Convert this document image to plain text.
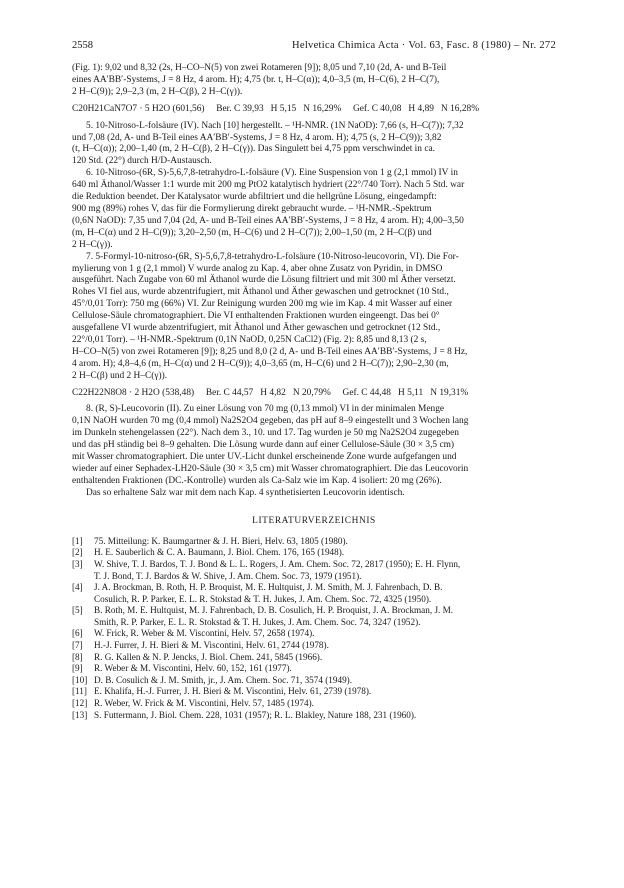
2558	Helvetica Chimica Acta · Vol. 63, Fasc. 8 (1980) – Nr. 272
(Fig. 1): 9,02 und 8,32 (2s, H–CO–N(5) von zwei Rotameren [9]); 8,05 und 7,10 (2d, A- und B-Teil
eines AA′BB′-Systems, J = 8 Hz, 4 arom. H); 4,75 (br. t, H–C(α)); 4,0–3,5 (m, H–C(6), 2 H–C(7),
2 H–C(9)); 2,9–2,3 (m, 2 H–C(β), 2 H–C(γ)).
C20H21CaN7O7 · 5 H2O (601,56)     Ber. C 39,93   H 5,15   N 16,29%     Gef. C 40,08   H 4,89   N 16,28%
5. 10-Nitroso-L-folsäure (IV). Nach [10] hergestellt. – ¹H-NMR. (1N NaOD): 7,66 (s, H–C(7)); 7,32
und 7,08 (2d, A- und B-Teil eines AA′BB′-Systems, J = 8 Hz, 4 arom. H); 4,75 (s, 2 H–C(9)); 3,82
(t, H–C(α)); 2,00–1,40 (m, 2 H–C(β), 2 H–C(γ)). Das Singulett bei 4,75 ppm verschwindet in ca.
120 Std. (22°) durch H/D-Austausch.
6. 10-Nitroso-(6R, S)-5,6,7,8-tetrahydro-L-folsäure (V). Eine Suspension von 1 g (2,1 mmol) IV in
640 ml Äthanol/Wasser 1:1 wurde mit 200 mg PtO2 katalytisch hydriert (22°/740 Torr). Nach 5 Std. war
die Reduktion beendet. Der Katalysator wurde abfiltriert und die hellgrüne Lösung, eingedampft:
900 mg (89%) rohes V, das für die Formylierung direkt gebraucht wurde. – ¹H-NMR.-Spektrum
(0,6N NaOD): 7,35 und 7,04 (2d, A- und B-Teil eines AA′BB′-Systems, J = 8 Hz, 4 arom. H); 4,00–3,50
(m, H–C(α) und 2 H–C(9)); 3,20–2,50 (m, H–C(6) und 2 H–C(7)); 2,00–1,50 (m, 2 H–C(β) und
2 H–C(γ)).
7. 5-Formyl-10-nitroso-(6R, S)-5,6,7,8-tetrahydro-L-folsäure (10-Nitroso-leucovorin, VI). Die For-
mylierung von 1 g (2,1 mmol) V wurde analog zu Kap. 4, aber ohne Zusatz von Pyridin, in DMSO
ausgeführt. Nach Zugabe von 60 ml Äthanol wurde die Lösung filtriert und mit 300 ml Äther versetzt.
Rohes VI fiel aus, wurde abzentrifugiert, mit Äthanol und Äther gewaschen und getrocknet (10 Std.,
45°/0,01 Torr): 750 mg (66%) VI. Zur Reinigung wurden 200 mg wie im Kap. 4 mit Wasser auf einer
Cellulose-Säule chromatographiert. Die VI enthaltenden Fraktionen wurden eingeengt. Das bei 0°
ausgefallene VI wurde abzentrifugiert, mit Äthanol und Äther gewaschen und getrocknet (12 Std.,
22°/0,01 Torr). – ¹H-NMR.-Spektrum (0,1N NaOD, 0,25N CaCl2) (Fig. 2): 8,85 und 8,13 (2 s,
H–CO–N(5) von zwei Rotameren [9]); 8,25 und 8,0 (2 d, A- und B-Teil eines AA′BB′-Systems, J = 8 Hz,
4 arom. H); 4,8–4,6 (m, H–C(α) und 2 H–C(9)); 4,0–3,65 (m, H–C(6) und 2 H–C(7)); 2,90–2,30 (m,
2 H–C(β) und 2 H–C(γ)).
C22H22N8O8 · 2 H2O (538,48)     Ber. C 44,57   H 4,82   N 20,79%     Gef. C 44,48   H 5,11   N 19,31%
8. (R, S)-Leucovorin (II). Zu einer Lösung von 70 mg (0,13 mmol) VI in der minimalen Menge
0,1N NaOH wurden 70 mg (0,4 mmol) Na2S2O4 gegeben, das pH auf 8–9 eingestellt und 3 Wochen lang
im Dunkeln stehengelassen (22°). Nach dem 3., 10. und 17. Tag wurden je 50 mg Na2S2O4 zugegeben
und das pH ständig bei 8–9 gehalten. Die Lösung wurde dann auf einer Cellulose-Säule (30 × 3,5 cm)
mit Wasser chromatographiert. Die unter UV.-Licht dunkel erscheinende Zone wurde aufgefangen und
wieder auf einer Sephadex-LH20-Säule (30 × 3,5 cm) mit Wasser chromatographiert. Die das Leucovorin
enthaltenden Fraktionen (DC.-Kontrolle) wurden als Ca-Salz wie im Kap. 4 isoliert: 20 mg (26%).
Das so erhaltene Salz war mit dem nach Kap. 4 synthetisierten Leucovorin identisch.
LITERATURVERZEICHNIS
[1]	75. Mitteilung: K. Baumgartner & J. H. Bieri, Helv. 63, 1805 (1980).
[2]	H. E. Sauberlich & C. A. Baumann, J. Biol. Chem. 176, 165 (1948).
[3]	W. Shive, T. J. Bardos, T. J. Bond & L. L. Rogers, J. Am. Chem. Soc. 72, 2817 (1950); E. H. Flynn,
T. J. Bond, T. J. Bardos & W. Shive, J. Am. Chem. Soc. 73, 1979 (1951).
[4]	J. A. Brockman, B. Roth, H. P. Broquist, M. E. Hultquist, J. M. Smith, M. J. Fahrenbach, D. B.
Cosulich, R. P. Parker, E. L. R. Stokstad & T. H. Jukes, J. Am. Chem. Soc. 72, 4325 (1950).
[5]	B. Roth, M. E. Hultquist, M. J. Fahrenbach, D. B. Cosulich, H. P. Broquist, J. A. Brockman, J. M.
Smith, R. P. Parker, E. L. R. Stokstad & T. H. Jukes, J. Am. Chem. Soc. 74, 3247 (1952).
[6]	W. Frick, R. Weber & M. Viscontini, Helv. 57, 2658 (1974).
[7]	H.-J. Furrer, J. H. Bieri & M. Viscontini, Helv. 61, 2744 (1978).
[8]	R. G. Kallen & N. P. Jencks, J. Biol. Chem. 241, 5845 (1966).
[9]	R. Weber & M. Viscontini, Helv. 60, 152, 161 (1977).
[10] D. B. Cosulich & J. M. Smith, jr., J. Am. Chem. Soc. 71, 3574 (1949).
[11] E. Khalifa, H.-J. Furrer, J. H. Bieri & M. Viscontini, Helv. 61, 2739 (1978).
[12] R. Weber, W. Frick & M. Viscontini, Helv. 57, 1485 (1974).
[13] S. Futtermann, J. Biol. Chem. 228, 1031 (1957); R. L. Blakley, Nature 188, 231 (1960).
